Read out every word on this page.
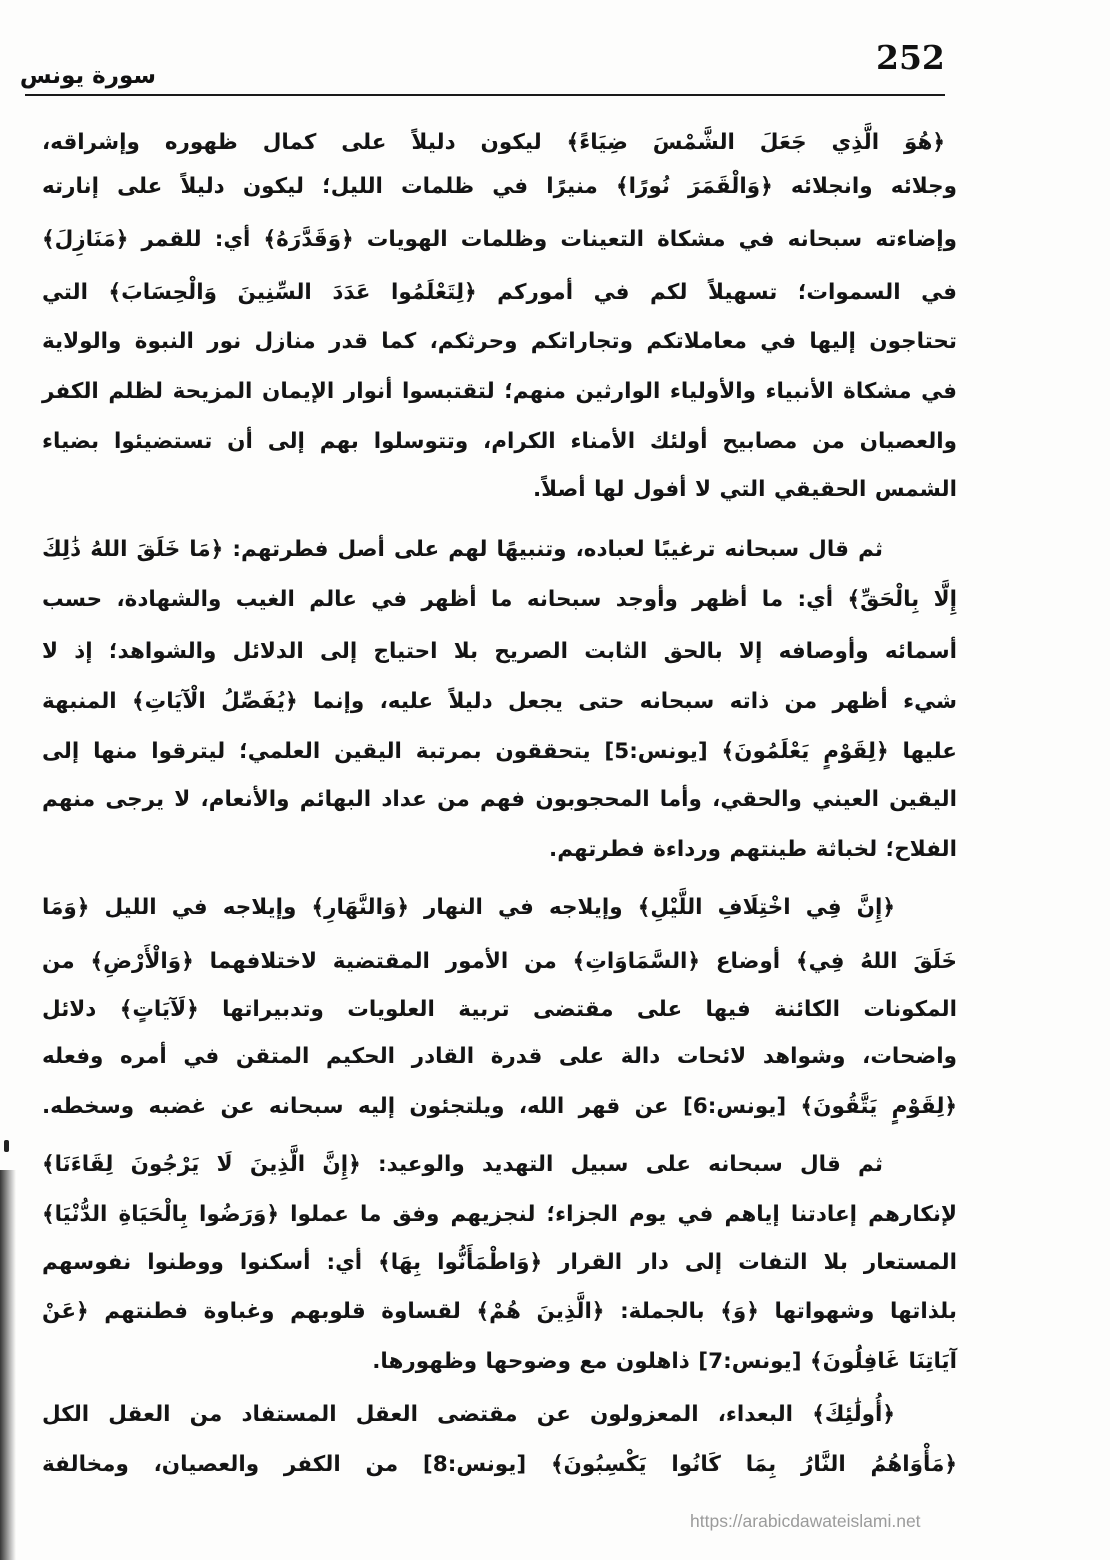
252
سورة يونس
﴿هُوَ الَّذِي جَعَلَ الشَّمْسَ ضِيَاءً﴾ ليكون دليلاً على كمال ظهوره وإشراقه،
وجلائه وانجلائه ﴿وَالْقَمَرَ نُورًا﴾ منيرًا في ظلمات الليل؛ ليكون دليلاً على إنارته
وإضاءته سبحانه في مشكاة التعينات وظلمات الهويات ﴿وَقَدَّرَهُ﴾ أي: للقمر ﴿مَنَازِلَ﴾
في السموات؛ تسهيلاً لكم في أموركم ﴿لِتَعْلَمُوا عَدَدَ السِّنِينَ وَالْحِسَابَ﴾ التي
تحتاجون إليها في معاملاتكم وتجاراتكم وحرثكم، كما قدر منازل نور النبوة والولاية
في مشكاة الأنبياء والأولياء الوارثين منهم؛ لتقتبسوا أنوار الإيمان المزيحة لظلم الكفر
والعصيان من مصابيح أولئك الأمناء الكرام، وتتوسلوا بهم إلى أن تستضيئوا بضياء
الشمس الحقيقي التي لا أفول لها أصلاً.
ثم قال سبحانه ترغيبًا لعباده، وتنبيهًا لهم على أصل فطرتهم: ﴿مَا خَلَقَ اللهُ ذَٰلِكَ
إِلَّا بِالْحَقِّ﴾ أي: ما أظهر وأوجد سبحانه ما أظهر في عالم الغيب والشهادة، حسب
أسمائه وأوصافه إلا بالحق الثابت الصريح بلا احتياج إلى الدلائل والشواهد؛ إذ لا
شيء أظهر من ذاته سبحانه حتى يجعل دليلاً عليه، وإنما ﴿يُفَصِّلُ الْآيَاتِ﴾ المنبهة
عليها ﴿لِقَوْمٍ يَعْلَمُونَ﴾ [يونس:5] يتحققون بمرتبة اليقين العلمي؛ ليترقوا منها إلى
اليقين العيني والحقي، وأما المحجوبون فهم من عداد البهائم والأنعام، لا يرجى منهم
الفلاح؛ لخباثة طينتهم ورداءة فطرتهم.
﴿إِنَّ فِي اخْتِلَافِ اللَّيْلِ﴾ وإيلاجه في النهار ﴿وَالنَّهَارِ﴾ وإيلاجه في الليل ﴿وَمَا
خَلَقَ اللهُ فِي﴾ أوضاع ﴿السَّمَاوَاتِ﴾ من الأمور المقتضية لاختلافهما ﴿وَالْأَرْضِ﴾ من
المكونات الكائنة فيها على مقتضى تربية العلويات وتدبيراتها ﴿لَآيَاتٍ﴾ دلائل
واضحات، وشواهد لائحات دالة على قدرة القادر الحكيم المتقن في أمره وفعله
﴿لِقَوْمٍ يَتَّقُونَ﴾ [يونس:6] عن قهر الله، ويلتجئون إليه سبحانه عن غضبه وسخطه.
ثم قال سبحانه على سبيل التهديد والوعيد: ﴿إِنَّ الَّذِينَ لَا يَرْجُونَ لِقَاءَنَا﴾
لإنكارهم إعادتنا إياهم في يوم الجزاء؛ لنجزيهم وفق ما عملوا ﴿وَرَضُوا بِالْحَيَاةِ الدُّنْيَا﴾
المستعار بلا التفات إلى دار القرار ﴿وَاطْمَأَنُّوا بِهَا﴾ أي: أسكنوا ووطنوا نفوسهم
بلذاتها وشهواتها ﴿وَ﴾ بالجملة: ﴿الَّذِينَ هُمْ﴾ لقساوة قلوبهم وغباوة فطنتهم ﴿عَنْ
آيَاتِنَا غَافِلُونَ﴾ [يونس:7] ذاهلون مع وضوحها وظهورها.
﴿أُولَٰئِكَ﴾ البعداء، المعزولون عن مقتضى العقل المستفاد من العقل الكل
﴿مَأْوَاهُمُ النَّارُ بِمَا كَانُوا يَكْسِبُونَ﴾ [يونس:8] من الكفر والعصيان، ومخالفة
https://arabicdawateislami.net
